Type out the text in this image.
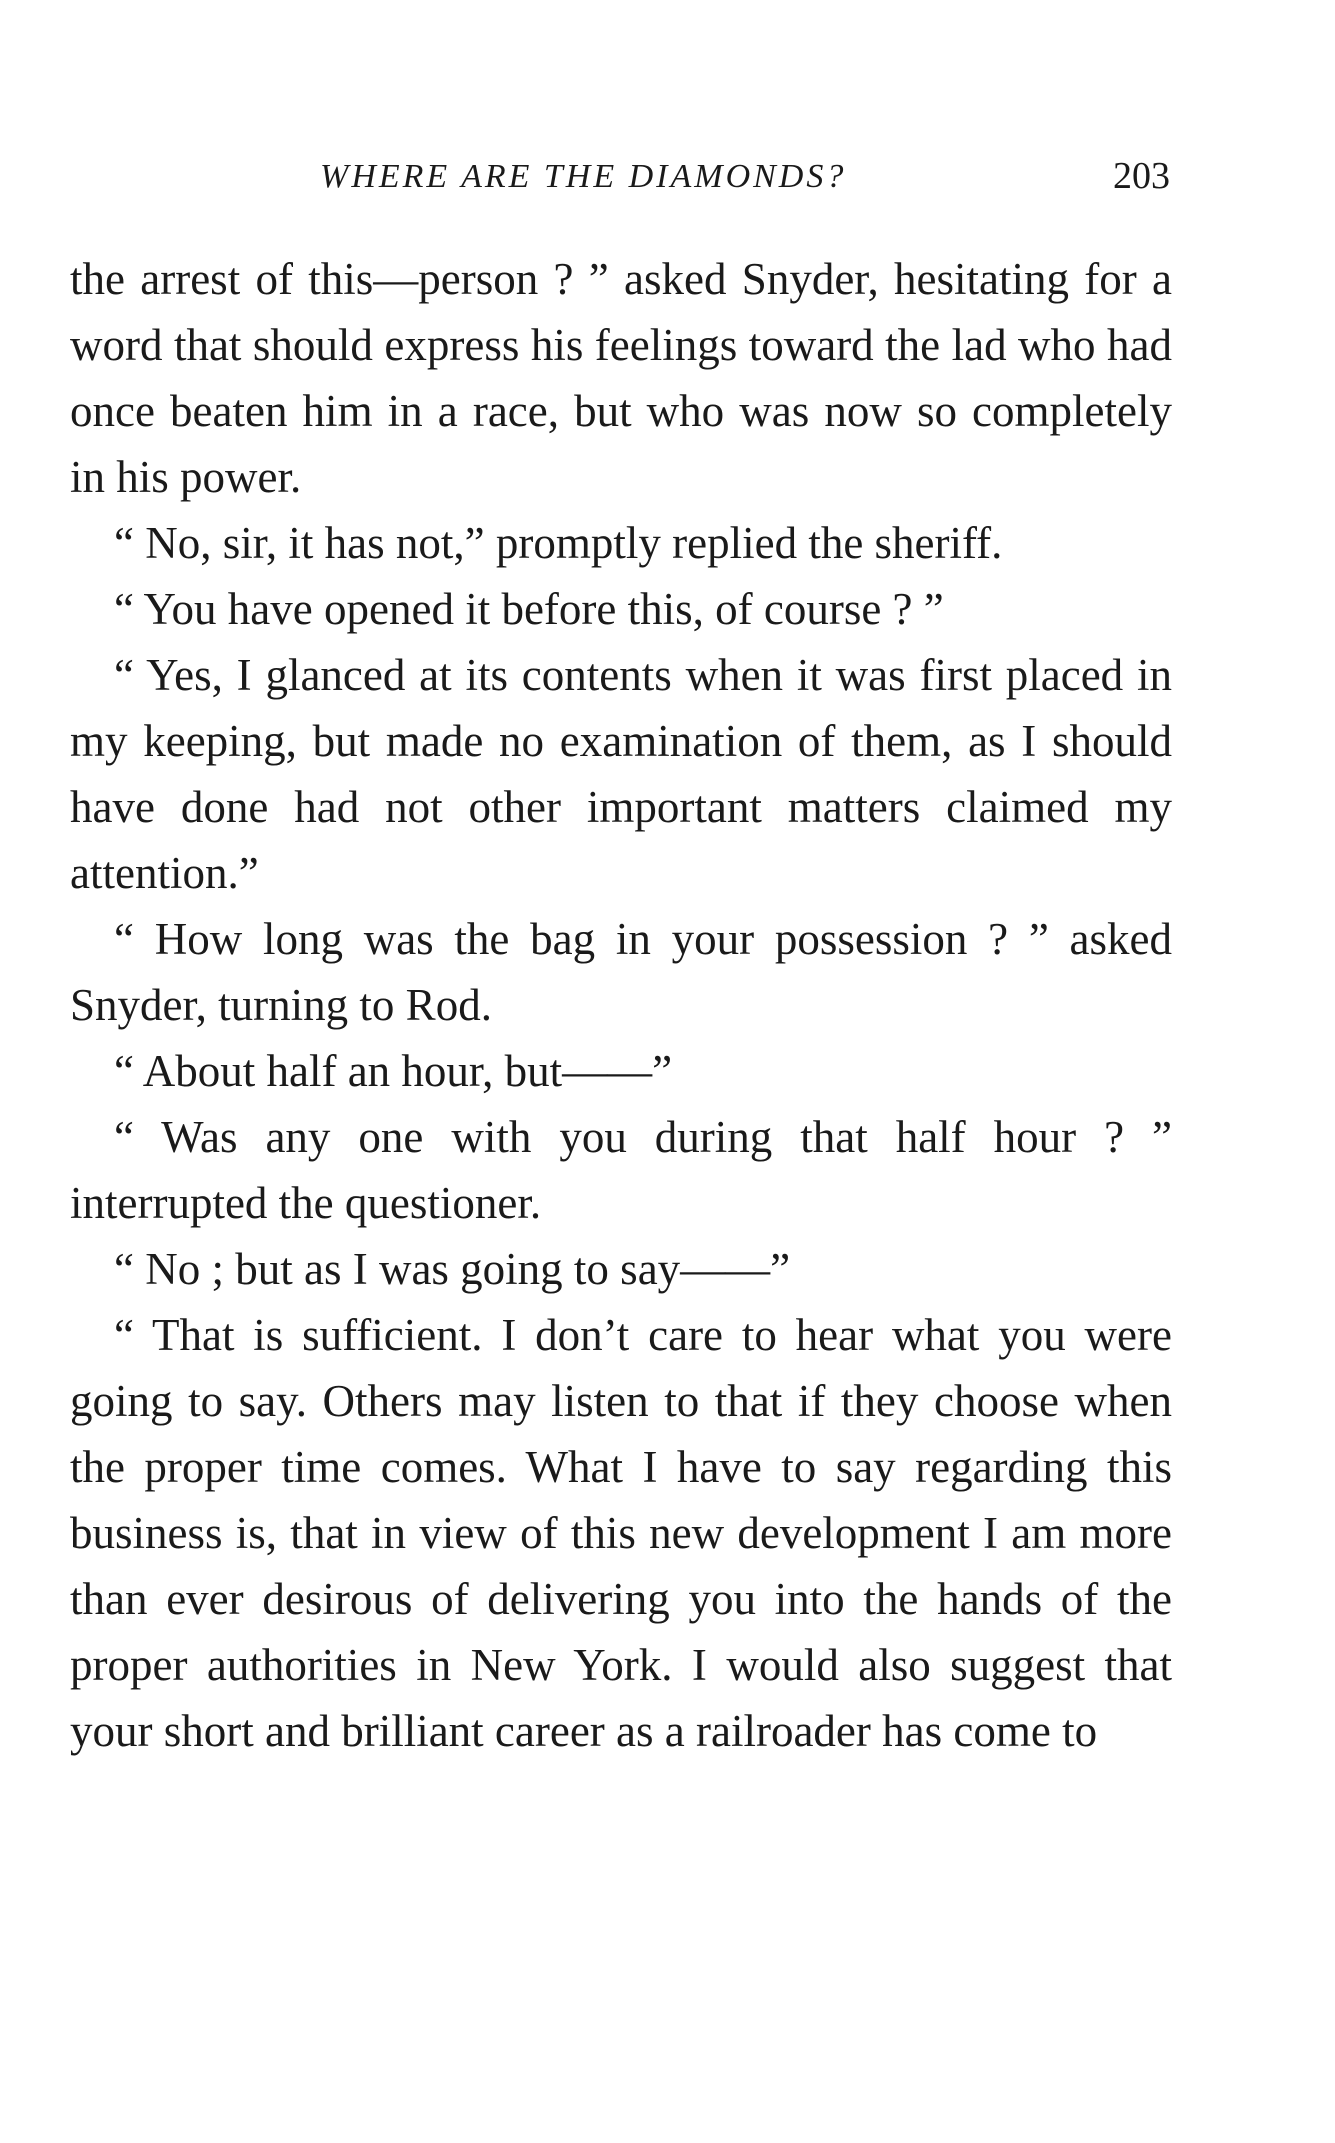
WHERE ARE THE DIAMONDS?	203

the arrest of this—person ? ” asked Snyder, hesitating for a word that should express his feelings toward the lad who had once beaten him in a race, but who was now so completely in his power.

“ No, sir, it has not,” promptly replied the sheriff.

“ You have opened it before this, of course ? ”

“ Yes, I glanced at its contents when it was first placed in my keeping, but made no examination of them, as I should have done had not other important matters claimed my attention.”

“ How long was the bag in your possession ? ” asked Snyder, turning to Rod.

“ About half an hour, but——”

“ Was any one with you during that half hour ? ” interrupted the questioner.

“ No ; but as I was going to say——”

“ That is sufficient. I don’t care to hear what you were going to say. Others may listen to that if they choose when the proper time comes. What I have to say regarding this business is, that in view of this new development I am more than ever desirous of delivering you into the hands of the proper authorities in New York. I would also suggest that your short and brilliant career as a railroader has come to
